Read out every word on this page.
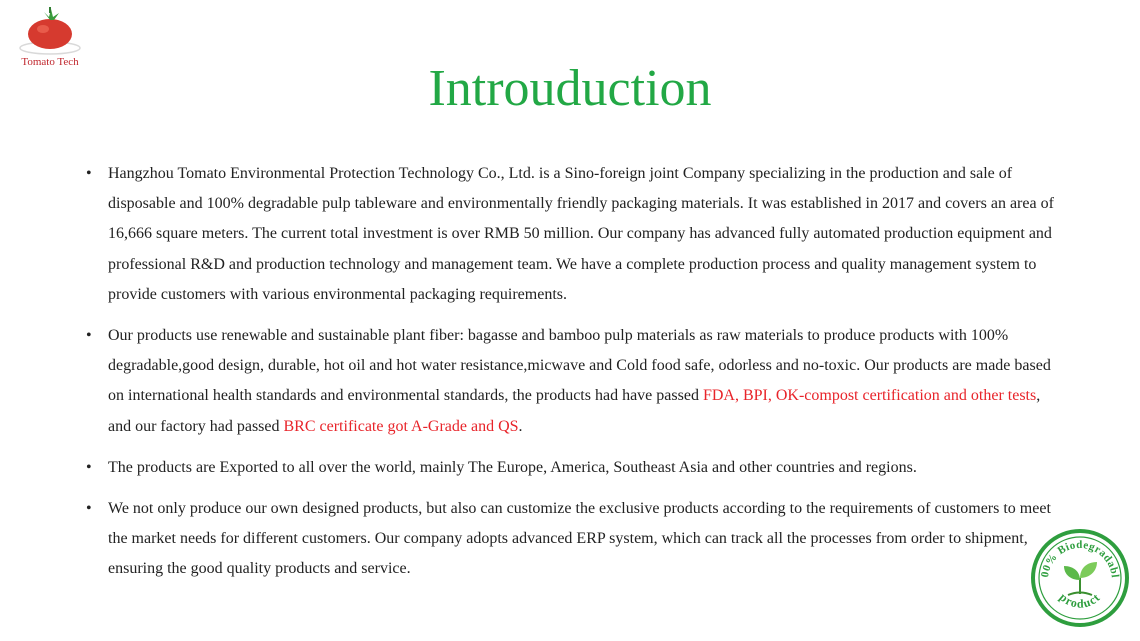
Tomato Tech	Introuduction
• Hangzhou Tomato Environmental Protection Technology Co., Ltd. is a Sino-foreign joint Company specializing in the production and sale of disposable and 100% degradable pulp tableware and environmentally friendly packaging materials. It was established in 2017 and covers an area of 16,666 square meters. The current total investment is over RMB 50 million. Our company has advanced fully automated production equipment and professional R&D and production technology and management team. We have a complete production process and quality management system to provide customers with various environmental packaging requirements.
• Our products use renewable and sustainable plant fiber: bagasse and bamboo pulp materials as raw materials to produce products with 100% degradable,good design, durable, hot oil and hot water resistance,micwave and Cold food safe, odorless and no-toxic. Our products are made based on international health standards and environmental standards, the products had have passed FDA, BPI, OK-compost certification and other tests, and our factory had passed BRC certificate got A-Grade and QS.
• The products are Exported to all over the world, mainly The Europe, America, Southeast Asia and other countries and regions.
• We not only produce our own designed products, but also can customize the exclusive products according to the requirements of customers to meet the market needs for different customers. Our company adopts advanced ERP system, which can track all the processes from order to shipment, ensuring the good quality products and service.	00% Biodegradabl
product
